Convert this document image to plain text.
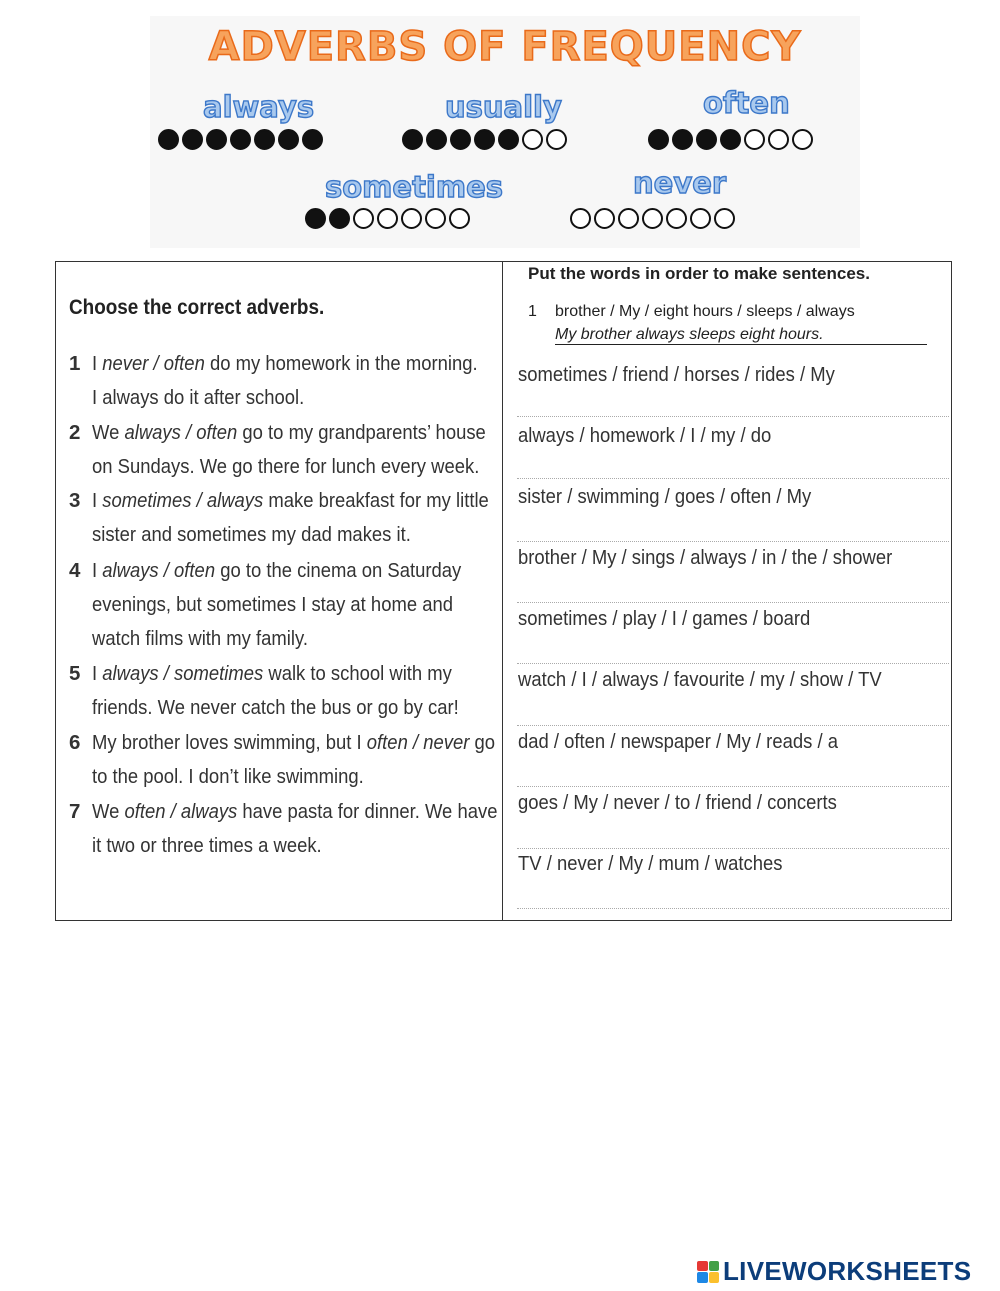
ADVERBS OF FREQUENCY
always	usually	often
sometimes	never
Choose the correct adverbs.
1 I never / often do my homework in the morning.
I always do it after school.
2 We always / often go to my grandparents’ house
on Sundays. We go there for lunch every week.
3 I sometimes / always make breakfast for my little
sister and sometimes my dad makes it.
4 I always / often go to the cinema on Saturday
evenings, but sometimes I stay at home and
watch films with my family.
5 I always / sometimes walk to school with my
friends. We never catch the bus or go by car!
6 My brother loves swimming, but I often / never go
to the pool. I don’t like swimming.
7 We often / always have pasta for dinner. We have
it two or three times a week.
Put the words in order to make sentences.
1 brother / My / eight hours / sleeps / always
My brother always sleeps eight hours.
sometimes / friend / horses / rides / My
always / homework / I / my / do
sister / swimming / goes / often / My
brother / My / sings / always / in / the / shower
sometimes / play / I / games / board
watch / I / always / favourite / my / show / TV
dad / often / newspaper / My / reads / a
goes / My / never / to / friend / concerts
TV / never / My / mum / watches
LIVEWORKSHEETS
